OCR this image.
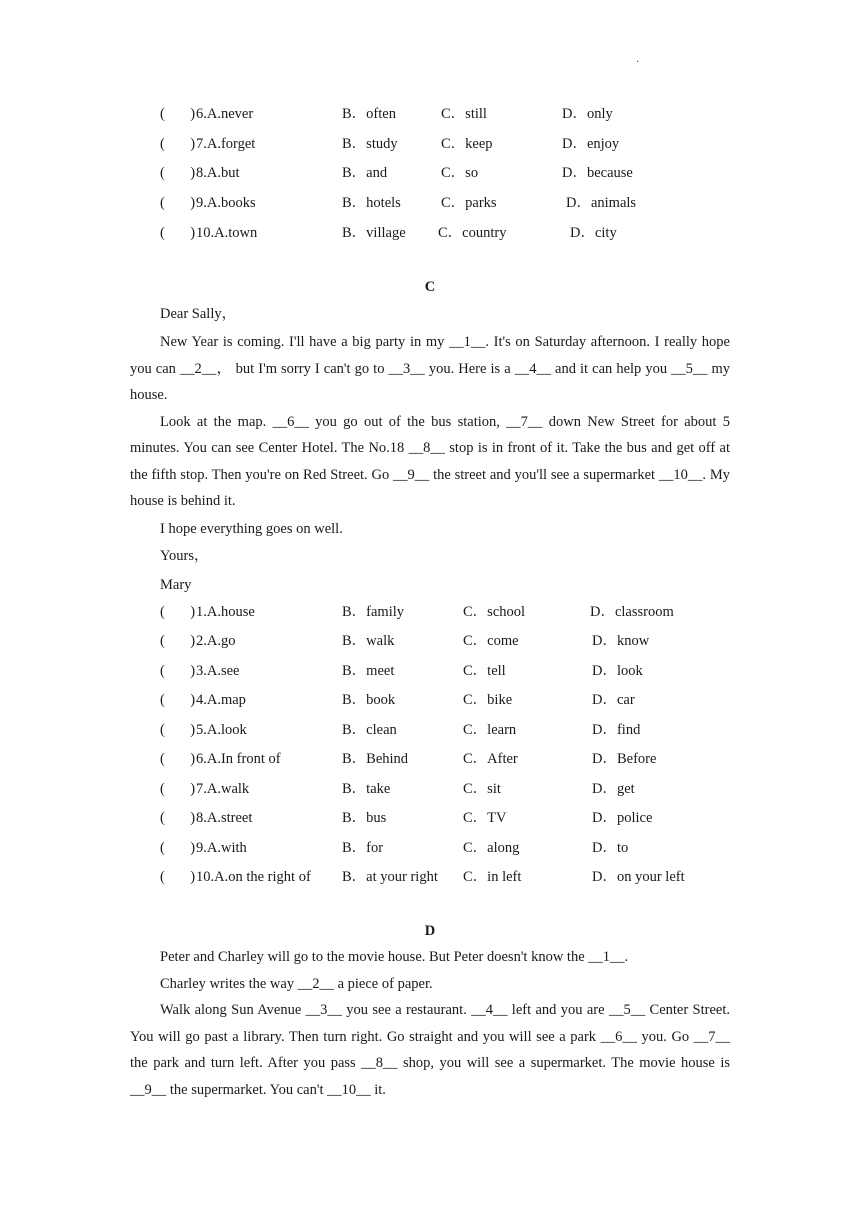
·
(       ) 6.A.never	B．often	C．still	D．only
(       ) 7.A.forget	B．study	C．keep	D．enjoy
(       ) 8.A.but	B．and	C．so	D．because
(       ) 9.A.books	B．hotels	C．parks	D．animals
(       ) 10.A.town	B．village C．country	D．city
C
Dear Sally，

New Year is coming. I'll have a big party in my __1__. It's on Saturday afternoon. I really hope you can __2__， but I'm sorry I can't go to __3__ you. Here is a __4__ and it can help you __5__ my house.

Look at the map. __6__ you go out of the bus station, __7__ down New Street for about 5 minutes. You can see Center Hotel. The No.18 __8__ stop is in front of it. Take the bus and get off at the fifth stop. Then you're on Red Street. Go __9__ the street and you'll see a supermarket __10__. My house is behind it.

I hope everything goes on well.
Yours，
Mary
(       ) 1.A.house	B．family	C．school	D．classroom
(       ) 2.A.go	B．walk	C．come	D．know
(       ) 3.A.see	B．meet	C．tell	D．look
(       ) 4.A.map	B．book	C．bike	D．car
(       ) 5.A.look	B．clean	C．learn	D．find
(       ) 6.A.In front of	B．Behind	C．After	D．Before
(       ) 7.A.walk	B．take	C．sit	D．get
(       ) 8.A.street	B．bus	C．TV	D．police
(       ) 9.A.with	B．for	C．along	D．to
(       ) 10.A.on the right of B．at your right C．in left	D．on your left
D

Peter and Charley will go to the movie house. But Peter doesn't know the __1__.

Charley writes the way __2__ a piece of paper.

Walk along Sun Avenue __3__ you see a restaurant. __4__ left and you are __5__ Center Street. You will go past a library. Then turn right. Go straight and you will see a park __6__ you. Go __7__ the park and turn left. After you pass __8__ shop, you will see a supermarket. The movie house is __9__ the supermarket. You can't __10__ it.
